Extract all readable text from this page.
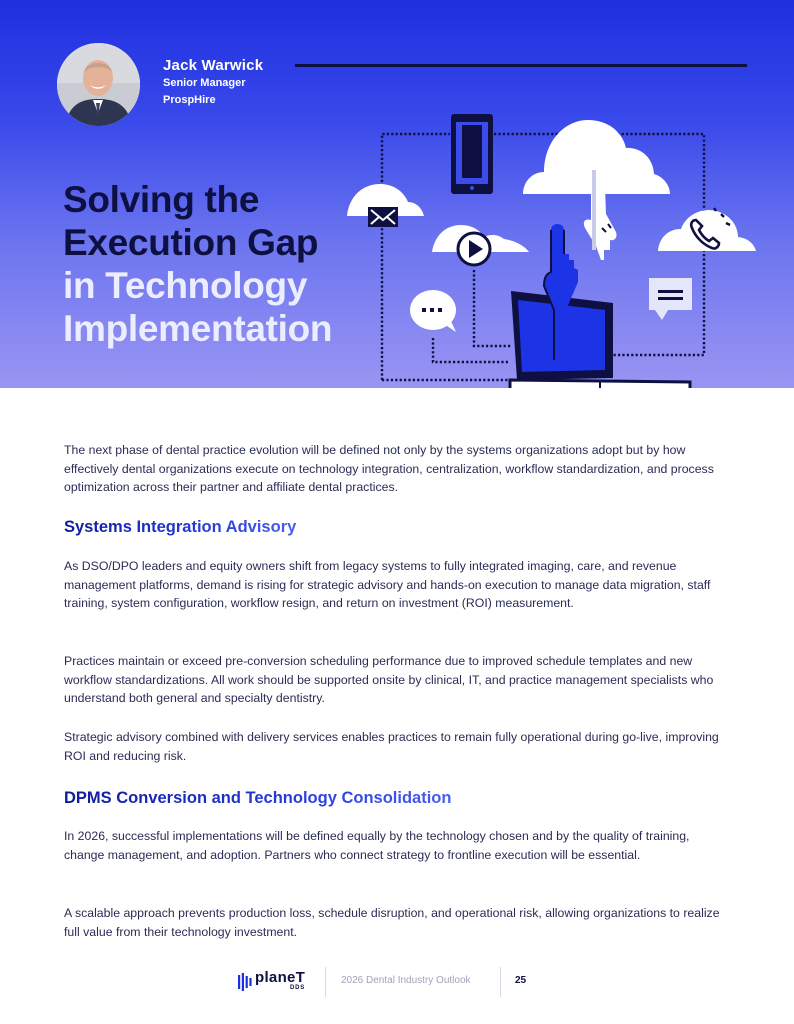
Jack Warwick
Senior Manager
ProspHire
Solving the
Execution Gap
in Technology
Implementation

The next phase of dental practice evolution will be defined not only by the systems organizations adopt but by how effectively dental organizations execute on technology integration, centralization, workflow standardization, and process optimization across their partner and affiliate dental practices.

Systems Integration Advisory

As DSO/DPO leaders and equity owners shift from legacy systems to fully integrated imaging, care, and revenue management platforms, demand is rising for strategic advisory and hands-on execution to manage data migration, staff training, system configuration, workflow resign, and return on investment (ROI) measurement.

Practices maintain or exceed pre-conversion scheduling performance due to improved schedule templates and new workflow standardizations. All work should be supported onsite by clinical, IT, and practice management specialists who understand both general and specialty dentistry.

Strategic advisory combined with delivery services enables practices to remain fully operational during go-live, improving ROI and reducing risk.

DPMS Conversion and Technology Consolidation

In 2026, successful implementations will be defined equally by the technology chosen and by the quality of training, change management, and adoption. Partners who connect strategy to frontline execution will be essential.

A scalable approach prevents production loss, schedule disruption, and operational risk, allowing organizations to realize full value from their technology investment.

planeT
DDS
2026 Dental Industry Outlook	25
